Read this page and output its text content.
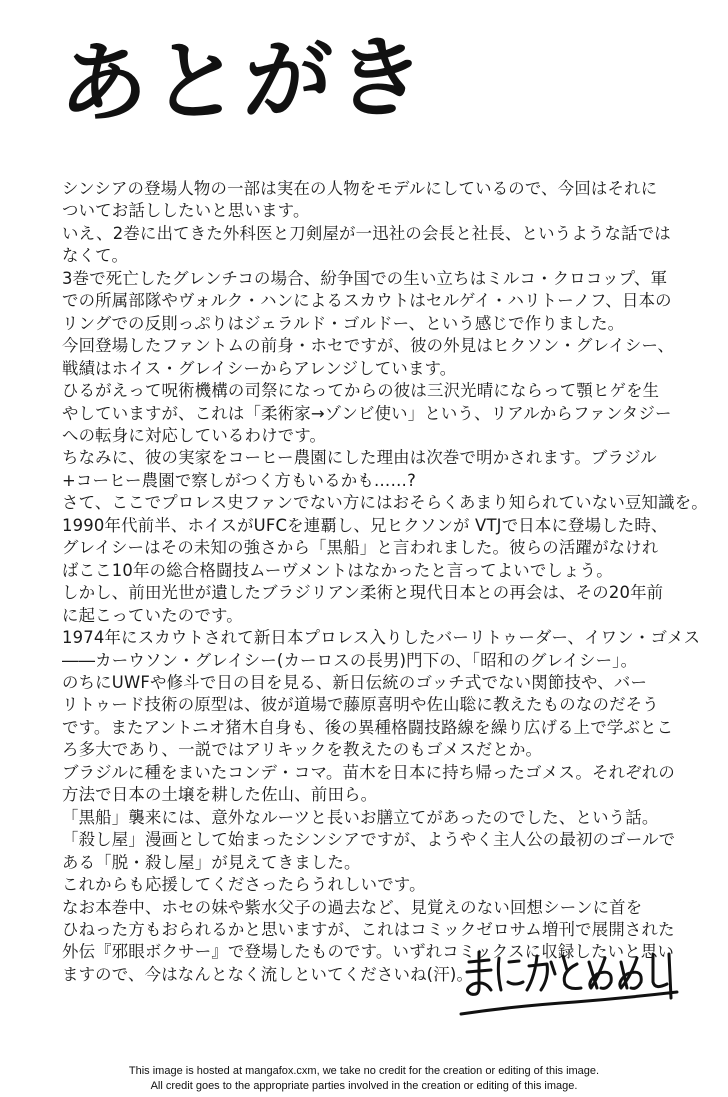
あとがき

シンシアの登場人物の一部は実在の人物をモデルにしているので、今回はそれに
ついてお話ししたいと思います。

いえ、2巻に出てきた外科医と刀剣屋が一迅社の会長と社長、というような話では
なくて。

3巻で死亡したグレンチコの場合、紛争国での生い立ちはミルコ・クロコップ、軍
での所属部隊やヴォルク・ハンによるスカウトはセルゲイ・ハリトーノフ、日本の
リングでの反則っぷりはジェラルド・ゴルドー、という感じで作りました。

今回登場したファントムの前身・ホセですが、彼の外見はヒクソン・グレイシー、
戦績はホイス・グレイシーからアレンジしています。

ひるがえって呪術機構の司祭になってからの彼は三沢光晴にならって顎ヒゲを生
やしていますが、これは「柔術家→ゾンビ使い」という、リアルからファンタジー
への転身に対応しているわけです。

ちなみに、彼の実家をコーヒー農園にした理由は次巻で明かされます。ブラジル
+コーヒー農園で察しがつく方もいるかも……?

さて、ここでプロレス史ファンでない方にはおそらくあまり知られていない豆知識を。

1990年代前半、ホイスがUFCを連覇し、兄ヒクソンが VTJで日本に登場した時、
グレイシーはその未知の強さから「黒船」と言われました。彼らの活躍がなけれ
ばここ10年の総合格闘技ムーヴメントはなかったと言ってよいでしょう。

しかし、前田光世が遺したブラジリアン柔術と現代日本との再会は、その20年前
に起こっていたのです。

1974年にスカウトされて新日本プロレス入りしたバーリトゥーダー、イワン・ゴメス
――カーウソン・グレイシー(カーロスの長男)門下の、「昭和のグレイシー」。

のちにUWFや修斗で日の目を見る、新日伝統のゴッチ式でない関節技や、バー
リトゥード技術の原型は、彼が道場で藤原喜明や佐山聡に教えたものなのだそう
です。またアントニオ猪木自身も、後の異種格闘技路線を繰り広げる上で学ぶとこ
ろ多大であり、一説ではアリキックを教えたのもゴメスだとか。

ブラジルに種をまいたコンデ・コマ。苗木を日本に持ち帰ったゴメス。それぞれの
方法で日本の土壌を耕した佐山、前田ら。

「黒船」襲来には、意外なルーツと長いお膳立てがあったのでした、という話。

「殺し屋」漫画として始まったシンシアですが、ようやく主人公の最初のゴールで
ある「脱・殺し屋」が見えてきました。

これからも応援してくださったらうれしいです。

なお本巻中、ホセの妹や紫水父子の過去など、見覚えのない回想シーンに首を
ひねった方もおられるかと思いますが、これはコミックゼロサム増刊で展開された
外伝『邪眼ボクサー』で登場したものです。いずれコミックスに収録したいと思い
ますので、今はなんとなく流しといてくださいね(汗)。

This image is hosted at mangafox.cxm, we take no credit for the creation or editing of this image.

All credit goes to the appropriate parties involved in the creation or editing of this image.
